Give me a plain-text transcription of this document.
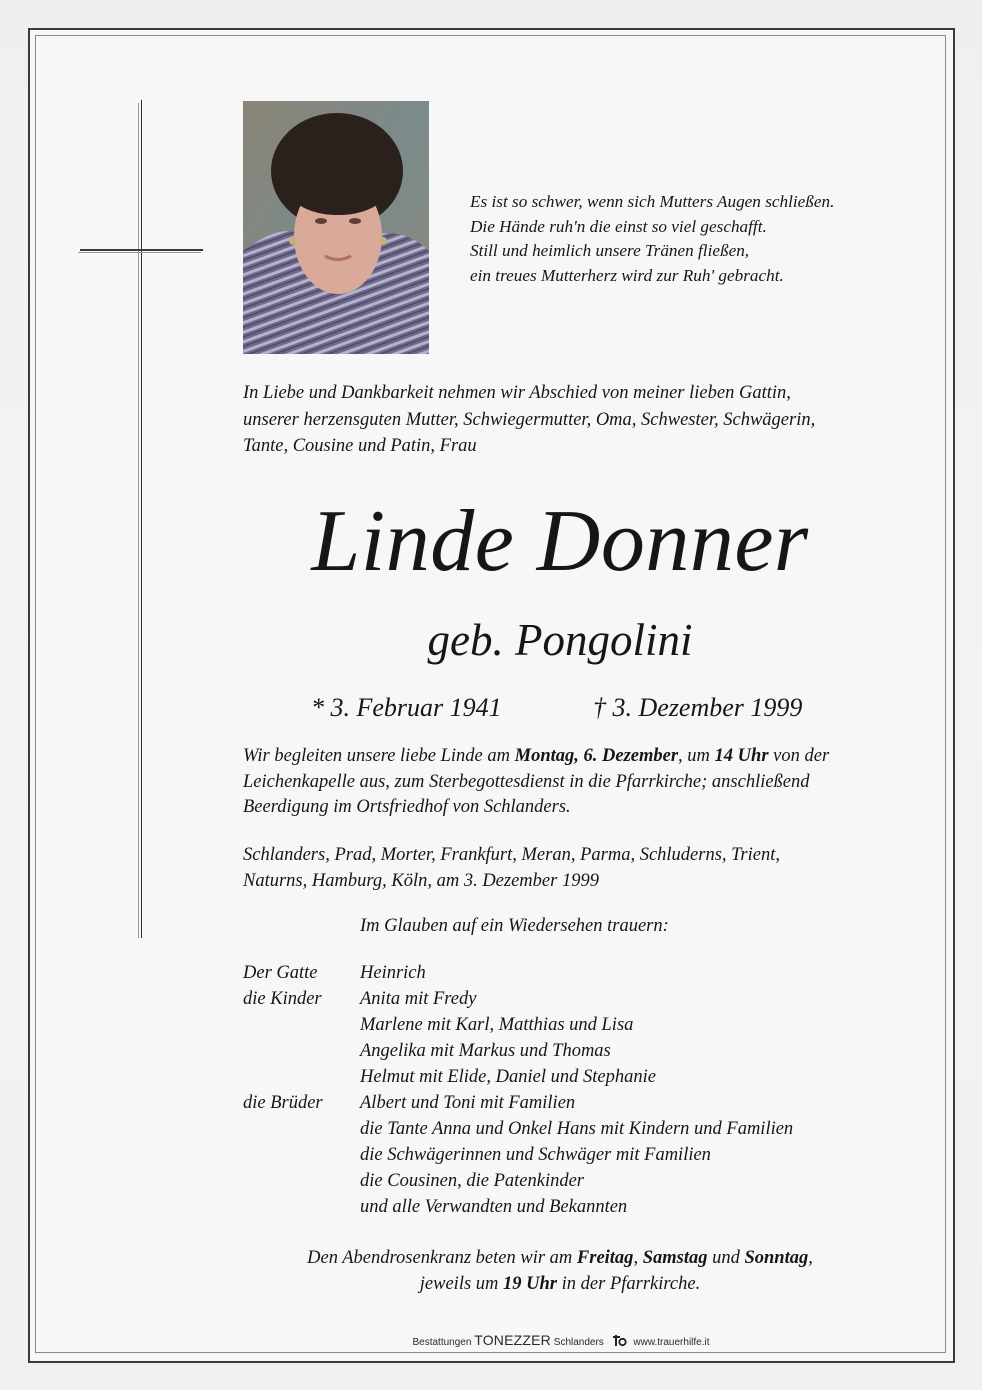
Es ist so schwer, wenn sich Mutters Augen schließen.
Die Hände ruh'n die einst so viel geschafft.
Still und heimlich unsere Tränen fließen,
ein treues Mutterherz wird zur Ruh' gebracht.
In Liebe und Dankbarkeit nehmen wir Abschied von meiner lieben Gattin,
unserer herzensguten Mutter, Schwiegermutter, Oma, Schwester, Schwägerin,
Tante, Cousine und Patin, Frau
Linde Donner
geb. Pongolini
* 3. Februar 1941	† 3. Dezember 1999
Wir begleiten unsere liebe Linde am Montag, 6. Dezember, um 14 Uhr von der
Leichenkapelle aus, zum Sterbegottesdienst in die Pfarrkirche; anschließend
Beerdigung im Ortsfriedhof von Schlanders.
Schlanders, Prad, Morter, Frankfurt, Meran, Parma, Schluderns, Trient,
Naturns, Hamburg, Köln, am 3. Dezember 1999
Im Glauben auf ein Wiedersehen trauern:
Der Gatte	Heinrich
die Kinder	Anita mit Fredy
Marlene mit Karl, Matthias und Lisa
Angelika mit Markus und Thomas
Helmut mit Elide, Daniel und Stephanie
die Brüder	Albert und Toni mit Familien
die Tante Anna und Onkel Hans mit Kindern und Familien
die Schwägerinnen und Schwäger mit Familien
die Cousinen, die Patenkinder
und alle Verwandten und Bekannten
Den Abendrosenkranz beten wir am Freitag, Samstag und Sonntag,
jeweils um 19 Uhr in der Pfarrkirche.
Bestattungen TONEZZER Schlanders	www.trauerhilfe.it
